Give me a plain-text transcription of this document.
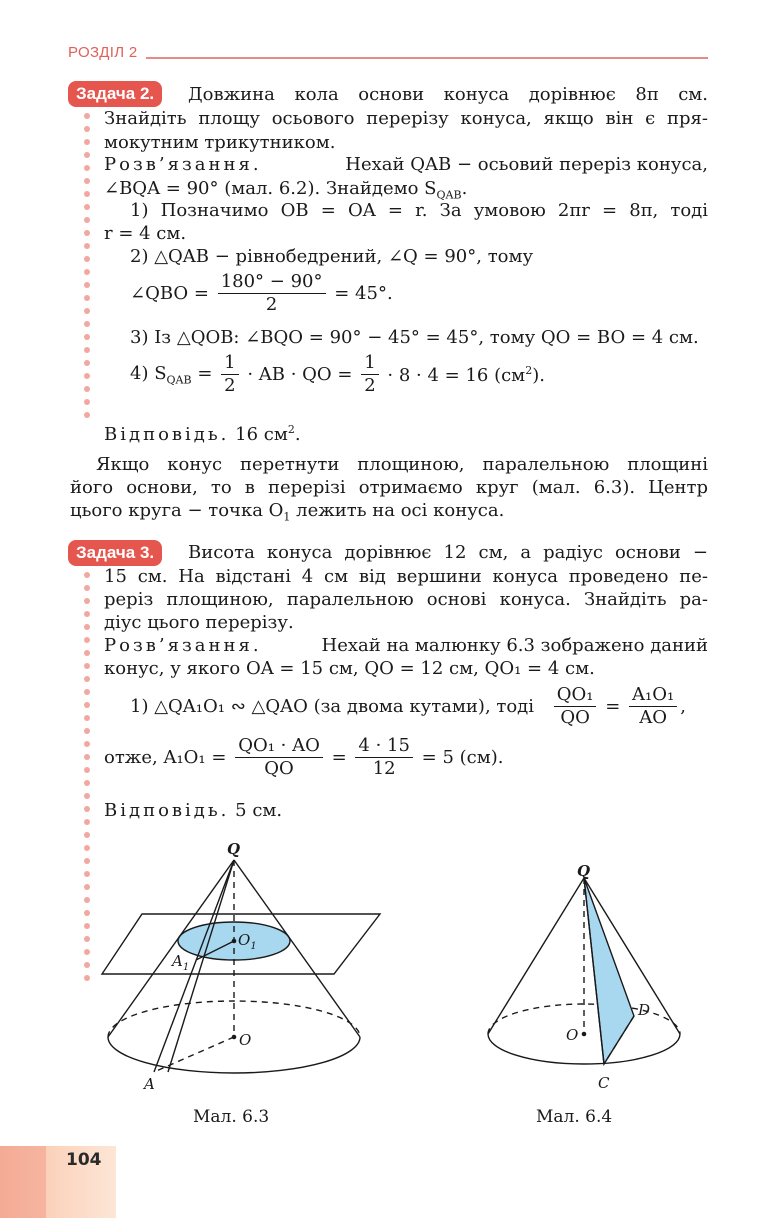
РОЗДІЛ 2
Задача 2.	Довжина кола основи конуса дорівнює 8π см.
Знайдіть площу осьового перерізу конуса, якщо він є пря-
мокутним трикутником.
Розв’язання.	Нехай QAB − осьовий переріз конуса,
∠BQA = 90° (мал. 6.2). Знайдемо $S_{QAB}$.
1) Позначимо OB = OA = r. За умовою 2πr = 8π, тоді
r = 4 см.
2) △QAB − рівнобедрений, ∠Q = 90°, тому
∠QBO = $\frac{180^\circ - 90^\circ}{2} = 45^\circ$.
3) Із △QOB: ∠BQO = 90° − 45° = 45°, тому QO = BO = 4 см.
4) $S_{QAB} = \frac{1}{2}$ · AB · QO = $\frac{1}{2} \cdot 8 \cdot 4 = 16$ $(см^2)$.
Відповідь. 16 $см^2$.
Якщо конус перетнути площиною, паралельною площині
його основи, то в перерізі отримаємо круг (мал. 6.3). Центр
цього круга − точка $O_1$ лежить на осі конуса.
Задача 3.	Висота конуса дорівнює 12 см, а радіус основи −
15 см. На відстані 4 см від вершини конуса проведено пе-
реріз площиною, паралельною основі конуса. Знайдіть ра-
діус цього перерізу.
Розв’язання.	Нехай на малюнку 6.3 зображено даний
конус, у якого OA = 15 см, QO = 12 см, QO₁ = 4 см.
1) △QA₁O₁ ∾ △QAO (за двома кутами), тоді $\frac{\text{QO₁}}{QO} = \frac{\text{A₁O₁}}{AO}$ ,
отже, $A_1O_1 = \frac{\text{QO₁ · AO}}{QO} = \frac{4 \cdot 15}{12} = 5$ (см).
Відповідь. 5 см.
Q
$O_1$
$A_1$
O
A
Мал. 6.3
Q
O
D
C
Мал. 6.4
104
